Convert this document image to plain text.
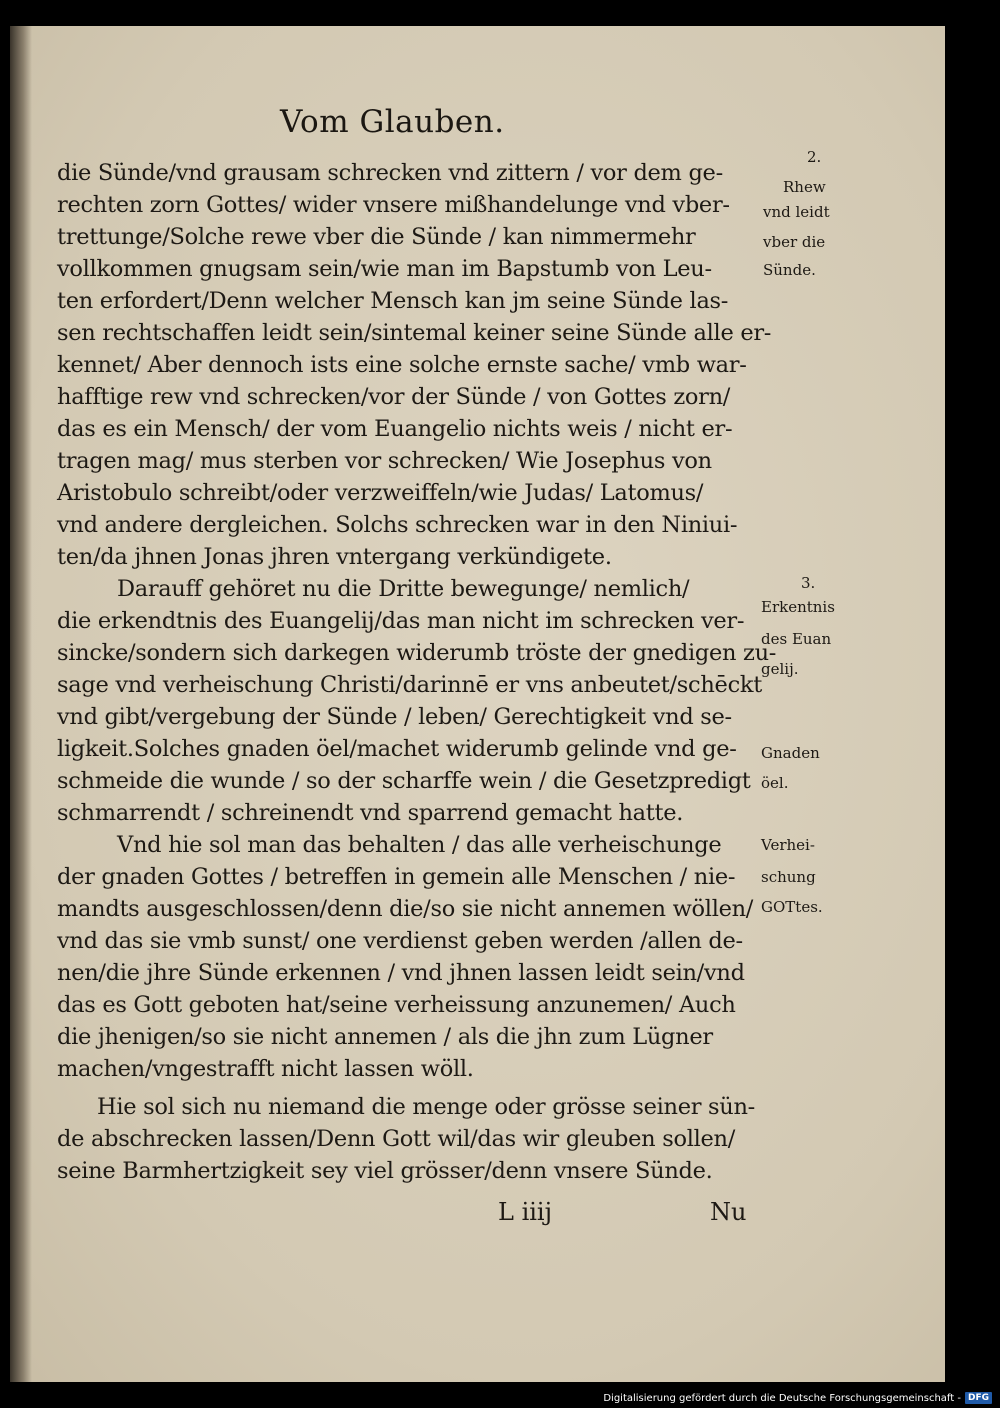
Vom Glauben.
die Sünde/vnd grausam schrecken vnd zittern / vor dem ge-
rechten zorn Gottes/ wider vnsere mißhandelunge vnd vber-
trettunge/Solche rewe vber die Sünde / kan nimmermehr
vollkommen gnugsam sein/wie man im Bapstumb von Leu-
ten erfordert/Denn welcher Mensch kan jm seine Sünde las-
sen rechtschaffen leidt sein/sintemal keiner seine Sünde alle er-
kennet/ Aber dennoch ists eine solche ernste sache/ vmb war-
hafftige rew vnd schrecken/vor der Sünde / von Gottes zorn/
das es ein Mensch/ der vom Euangelio nichts weis / nicht er-
tragen mag/ mus sterben vor schrecken/ Wie Josephus von
Aristobulo schreibt/oder verzweiffeln/wie Judas/ Latomus/
vnd andere dergleichen. Solchs schrecken war in den Niniui-
ten/da jhnen Jonas jhren vntergang verkündigete.
Darauff gehöret nu die Dritte bewegunge/ nemlich/
die erkendtnis des Euangelij/das man nicht im schrecken ver-
sincke/sondern sich darkegen widerumb tröste der gnedigen zu-
sage vnd verheischung Christi/darinnē er vns anbeutet/schēckt
vnd gibt/vergebung der Sünde / leben/ Gerechtigkeit vnd se-
ligkeit.Solches gnaden öel/machet widerumb gelinde vnd ge-
schmeide die wunde / so der scharffe wein / die Gesetzpredigt
schmarrendt / schreinendt vnd sparrend gemacht hatte.
Vnd hie sol man das behalten / das alle verheischunge
der gnaden Gottes / betreffen in gemein alle Menschen / nie-
mandts ausgeschlossen/denn die/so sie nicht annemen wöllen/
vnd das sie vmb sunst/ one verdienst geben werden /allen de-
nen/die jhre Sünde erkennen / vnd jhnen lassen leidt sein/vnd
das es Gott geboten hat/seine verheissung anzunemen/ Auch
die jhenigen/so sie nicht annemen / als die jhn zum Lügner
machen/vngestrafft nicht lassen wöll.
Hie sol sich nu niemand die menge oder grösse seiner sün-
de abschrecken lassen/Denn Gott wil/das wir gleuben sollen/
seine Barmhertzigkeit sey viel grösser/denn vnsere Sünde.
2.
Rhew
vnd leidt
vber die
Sünde.
3.
Erkentnis
des Euan
gelij.
Gnaden
öel.
Verhei-
schung
GOTtes.
L iiij	Nu
Digitalisierung gefördert durch die Deutsche Forschungsgemeinschaft - DFG
